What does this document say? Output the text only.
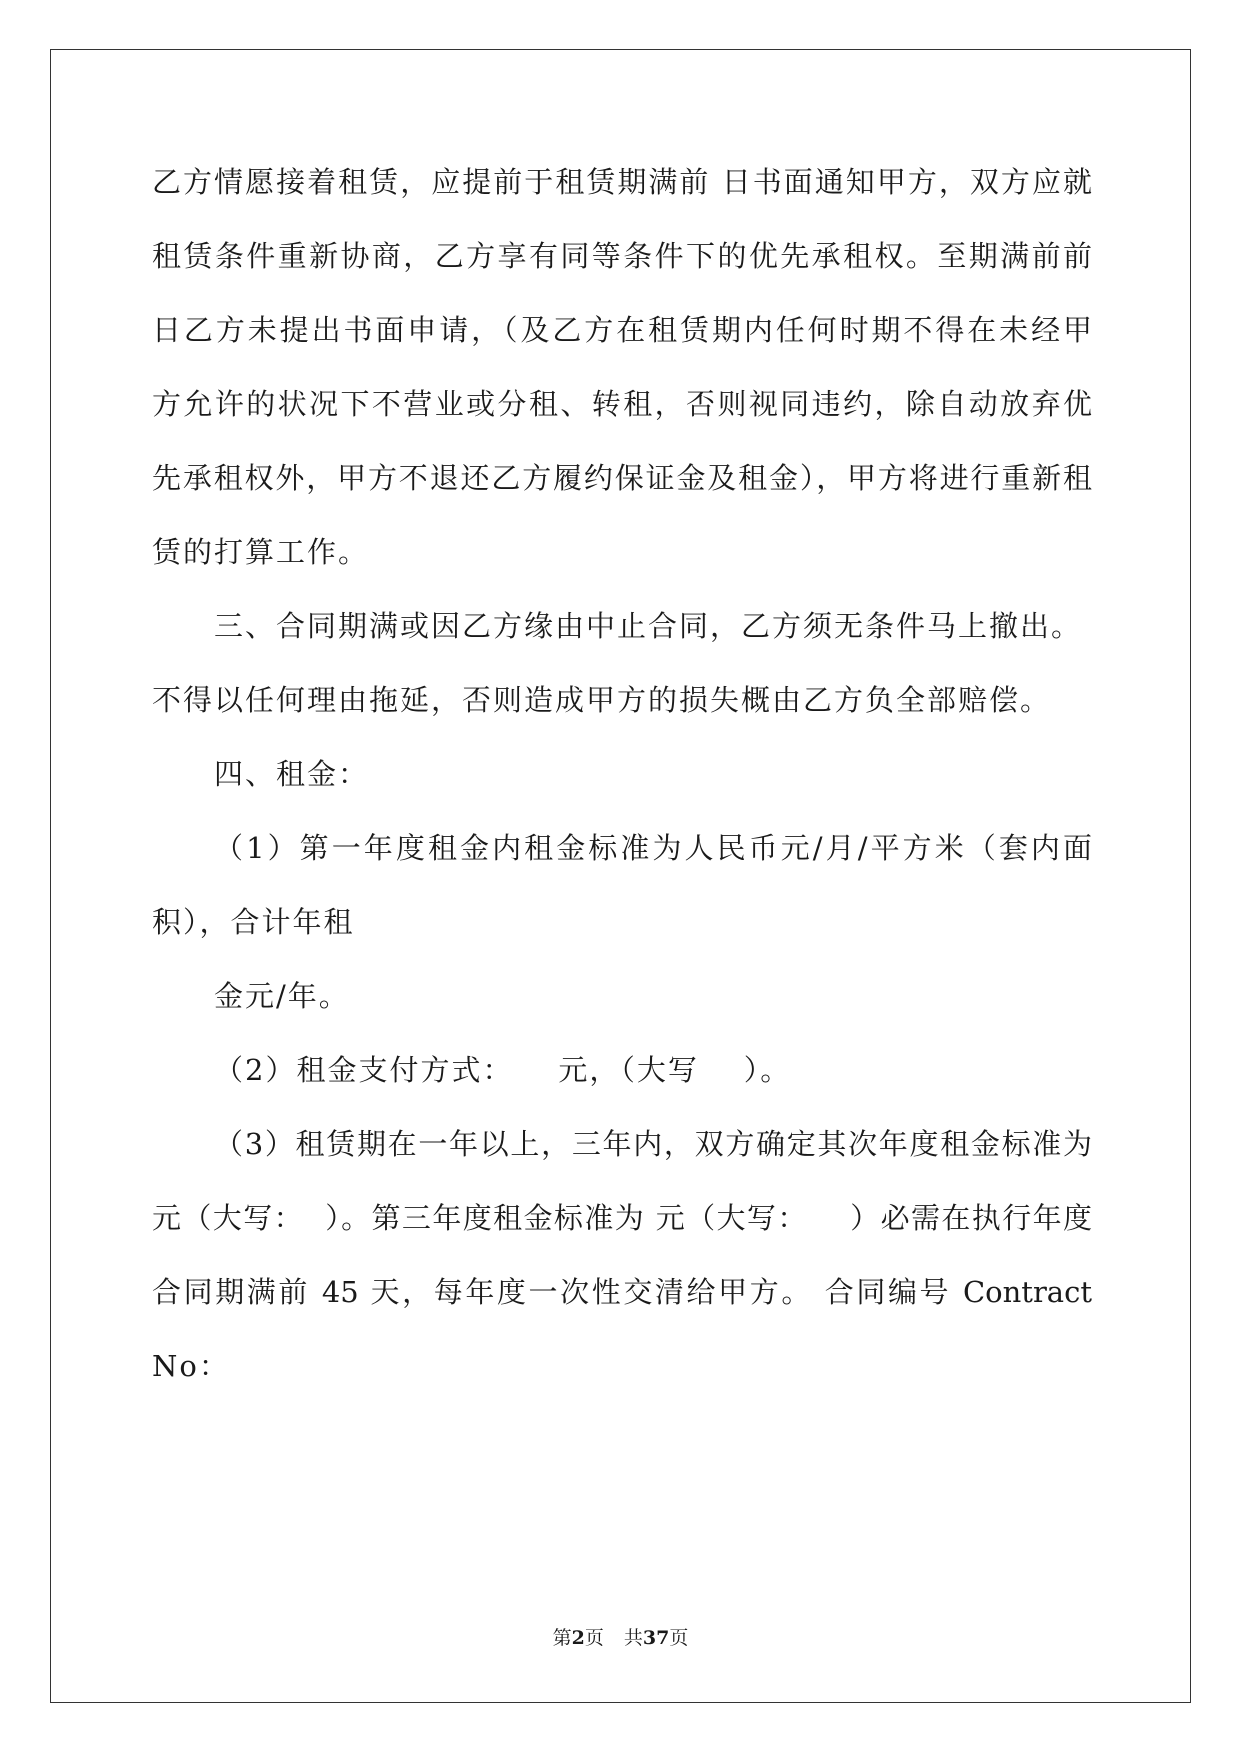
乙方情愿接着租赁，应提前于租赁期满前 日书面通知甲方，双方应就
租赁条件重新协商，乙方享有同等条件下的优先承租权。至期满前前
日乙方未提出书面申请，（及乙方在租赁期内任何时期不得在未经甲
方允许的状况下不营业或分租、转租，否则视同违约，除自动放弃优
先承租权外，甲方不退还乙方履约保证金及租金），甲方将进行重新租
赁的打算工作。
三、合同期满或因乙方缘由中止合同，乙方须无条件马上撤出。
不得以任何理由拖延，否则造成甲方的损失概由乙方负全部赔偿。
四、租金：
（1）第一年度租金内租金标准为人民币元/月/平方米（套内面
积），合计年租
金元/年。
（2）租金支付方式：    元，（大写    ）。
（3）租赁期在一年以上，三年内，双方确定其次年度租金标准为
元（大写：  ）。第三年度租金标准为 元（大写：    ）必需在执行年度
合同期满前 45 天，每年度一次性交清给甲方。 合同编号 Contract
No：
第2页 共37页
